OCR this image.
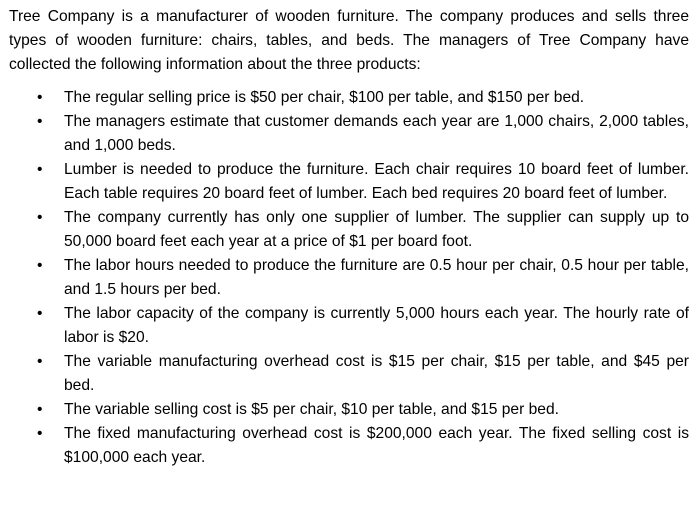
Tree Company is a manufacturer of wooden furniture. The company produces and sells three types of wooden furniture: chairs, tables, and beds. The managers of Tree Company have collected the following information about the three products:

• The regular selling price is $50 per chair, $100 per table, and $150 per bed.
• The managers estimate that customer demands each year are 1,000 chairs, 2,000 tables, and 1,000 beds.
• Lumber is needed to produce the furniture. Each chair requires 10 board feet of lumber. Each table requires 20 board feet of lumber. Each bed requires 20 board feet of lumber.
• The company currently has only one supplier of lumber. The supplier can supply up to 50,000 board feet each year at a price of $1 per board foot.
• The labor hours needed to produce the furniture are 0.5 hour per chair, 0.5 hour per table, and 1.5 hours per bed.
• The labor capacity of the company is currently 5,000 hours each year. The hourly rate of labor is $20.
• The variable manufacturing overhead cost is $15 per chair, $15 per table, and $45 per bed.
• The variable selling cost is $5 per chair, $10 per table, and $15 per bed.
• The fixed manufacturing overhead cost is $200,000 each year. The fixed selling cost is $100,000 each year.
